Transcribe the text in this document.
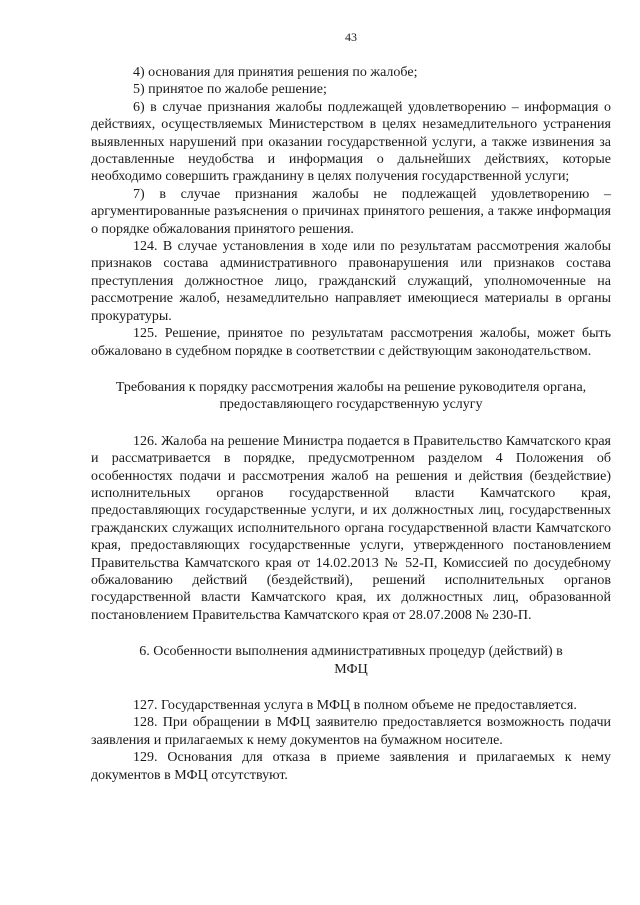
43

4) основания для принятия решения по жалобе;

5) принятое по жалобе решение;

6) в случае признания жалобы подлежащей удовлетворению – информация о действиях, осуществляемых Министерством в целях незамедлительного устранения выявленных нарушений при оказании государственной услуги, а также извинения за доставленные неудобства и информация о дальнейших действиях, которые необходимо совершить гражданину в целях получения государственной услуги;

7) в случае признания жалобы не подлежащей удовлетворению – аргументированные разъяснения о причинах принятого решения, а также информация о порядке обжалования принятого решения.

124. В случае установления в ходе или по результатам рассмотрения жалобы признаков состава административного правонарушения или признаков состава преступления должностное лицо, гражданский служащий, уполномоченные на рассмотрение жалоб, незамедлительно направляет имеющиеся материалы в органы прокуратуры.

125. Решение, принятое по результатам рассмотрения жалобы, может быть обжаловано в судебном порядке в соответствии с действующим законодательством.

Требования к порядку рассмотрения жалобы на решение руководителя органа,
предоставляющего государственную услугу

126. Жалоба на решение Министра подается в Правительство Камчатского края и рассматривается в порядке, предусмотренном разделом 4 Положения об особенностях подачи и рассмотрения жалоб на решения и действия (бездействие) исполнительных органов государственной власти Камчатского края, предоставляющих государственные услуги, и их должностных лиц, государственных гражданских служащих исполнительного органа государственной власти Камчатского края, предоставляющих государственные услуги, утвержденного постановлением Правительства Камчатского края от 14.02.2013 № 52-П, Комиссией по досудебному обжалованию действий (бездействий), решений исполнительных органов государственной власти Камчатского края, их должностных лиц, образованной постановлением Правительства Камчатского края от 28.07.2008 № 230-П.

6. Особенности выполнения административных процедур (действий) в
МФЦ

127. Государственная услуга в МФЦ в полном объеме не предоставляется.

128. При обращении в МФЦ заявителю предоставляется возможность подачи заявления и прилагаемых к нему документов на бумажном носителе.

129. Основания для отказа в приеме заявления и прилагаемых к нему документов в МФЦ отсутствуют.
